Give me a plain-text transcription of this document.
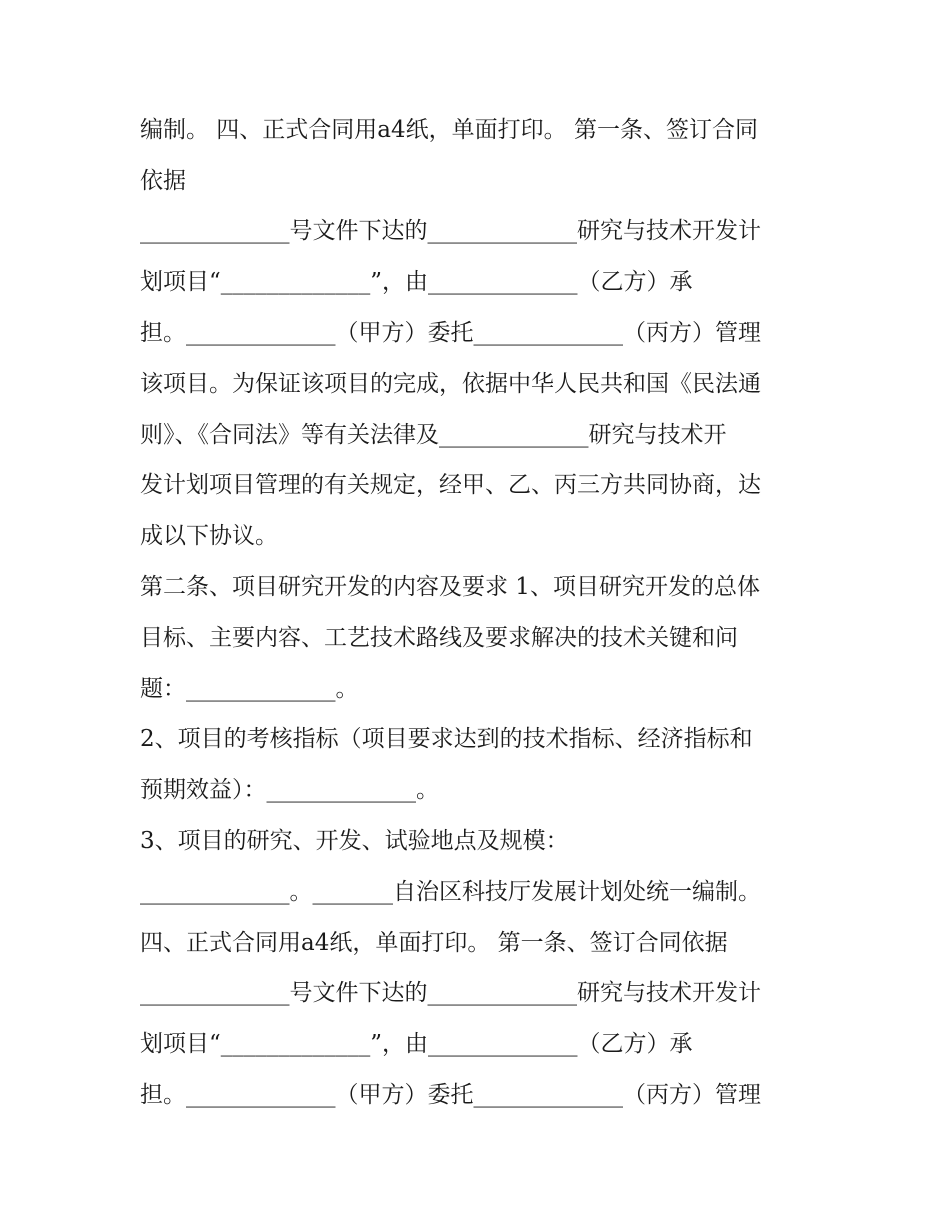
编制。 四、正式合同用a4纸，单面打印。 第一条、签订合同
依据
_____________号文件下达的_____________研究与技术开发计
划项目“_____________”，由_____________（乙方）承
担。_____________（甲方）委托_____________（丙方）管理
该项目。为保证该项目的完成，依据中华人民共和国《民法通
则》、《合同法》等有关法律及_____________研究与技术开
发计划项目管理的有关规定，经甲、乙、丙三方共同协商，达
成以下协议。
第二条、项目研究开发的内容及要求 1、项目研究开发的总体
目标、主要内容、工艺技术路线及要求解决的技术关键和问
题：_____________。
2、项目的考核指标（项目要求达到的技术指标、经济指标和
预期效益）：_____________。
3、项目的研究、开发、试验地点及规模：
_____________。_______自治区科技厅发展计划处统一编制。
四、正式合同用a4纸，单面打印。 第一条、签订合同依据
_____________号文件下达的_____________研究与技术开发计
划项目“_____________”，由_____________（乙方）承
担。_____________（甲方）委托_____________（丙方）管理
